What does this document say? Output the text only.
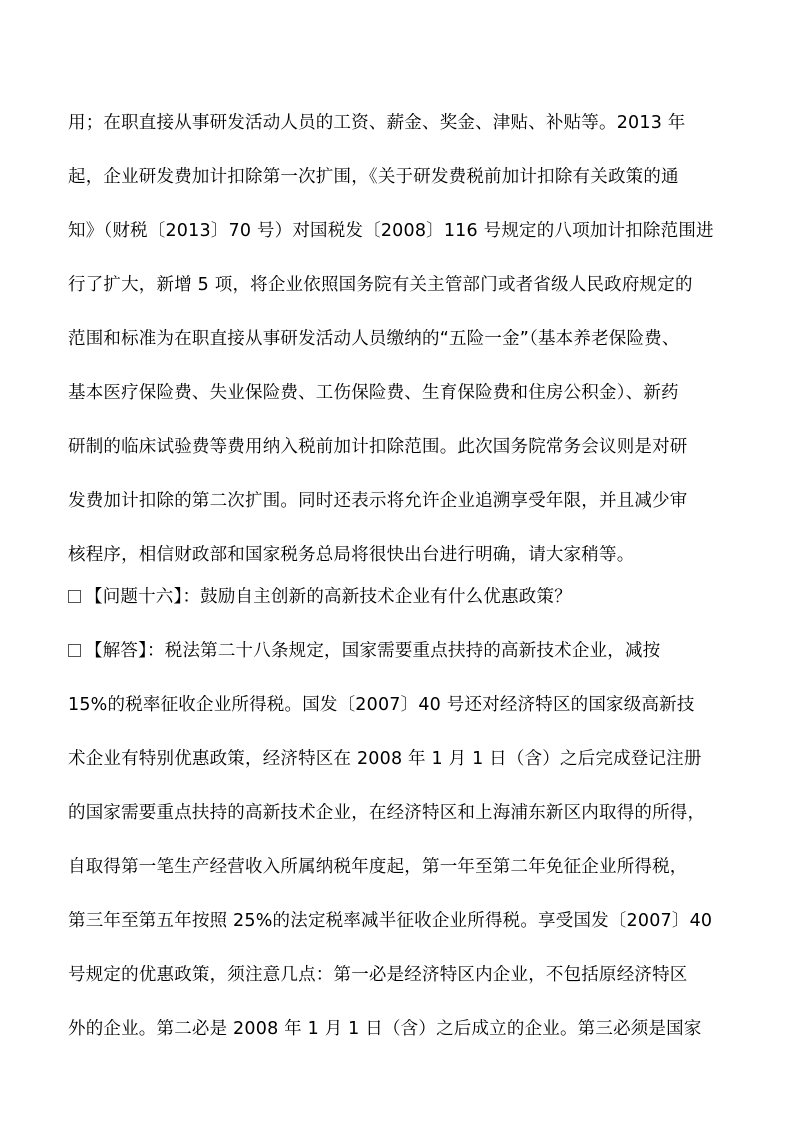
用；在职直接从事研发活动人员的工资、薪金、奖金、津贴、补贴等。2013 年
起，企业研发费加计扣除第一次扩围，《关于研发费税前加计扣除有关政策的通
知》（财税〔2013〕70 号）对国税发〔2008〕116 号规定的八项加计扣除范围进
行了扩大，新增 5 项，将企业依照国务院有关主管部门或者省级人民政府规定的
范围和标准为在职直接从事研发活动人员缴纳的“五险一金”（基本养老保险费、
基本医疗保险费、失业保险费、工伤保险费、生育保险费和住房公积金）、新药
研制的临床试验费等费用纳入税前加计扣除范围。此次国务院常务会议则是对研
发费加计扣除的第二次扩围。同时还表示将允许企业追溯享受年限，并且减少审
核程序，相信财政部和国家税务总局将很快出台进行明确，请大家稍等。
【问题十六】：鼓励自主创新的高新技术企业有什么优惠政策？
【解答】：税法第二十八条规定，国家需要重点扶持的高新技术企业，减按
15%的税率征收企业所得税。国发〔2007〕40 号还对经济特区的国家级高新技
术企业有特别优惠政策，经济特区在 2008 年 1 月 1 日（含）之后完成登记注册
的国家需要重点扶持的高新技术企业，在经济特区和上海浦东新区内取得的所得，
自取得第一笔生产经营收入所属纳税年度起，第一年至第二年免征企业所得税，
第三年至第五年按照 25%的法定税率减半征收企业所得税。享受国发〔2007〕40
号规定的优惠政策，须注意几点：第一必是经济特区内企业，不包括原经济特区
外的企业。第二必是 2008 年 1 月 1 日（含）之后成立的企业。第三必须是国家
